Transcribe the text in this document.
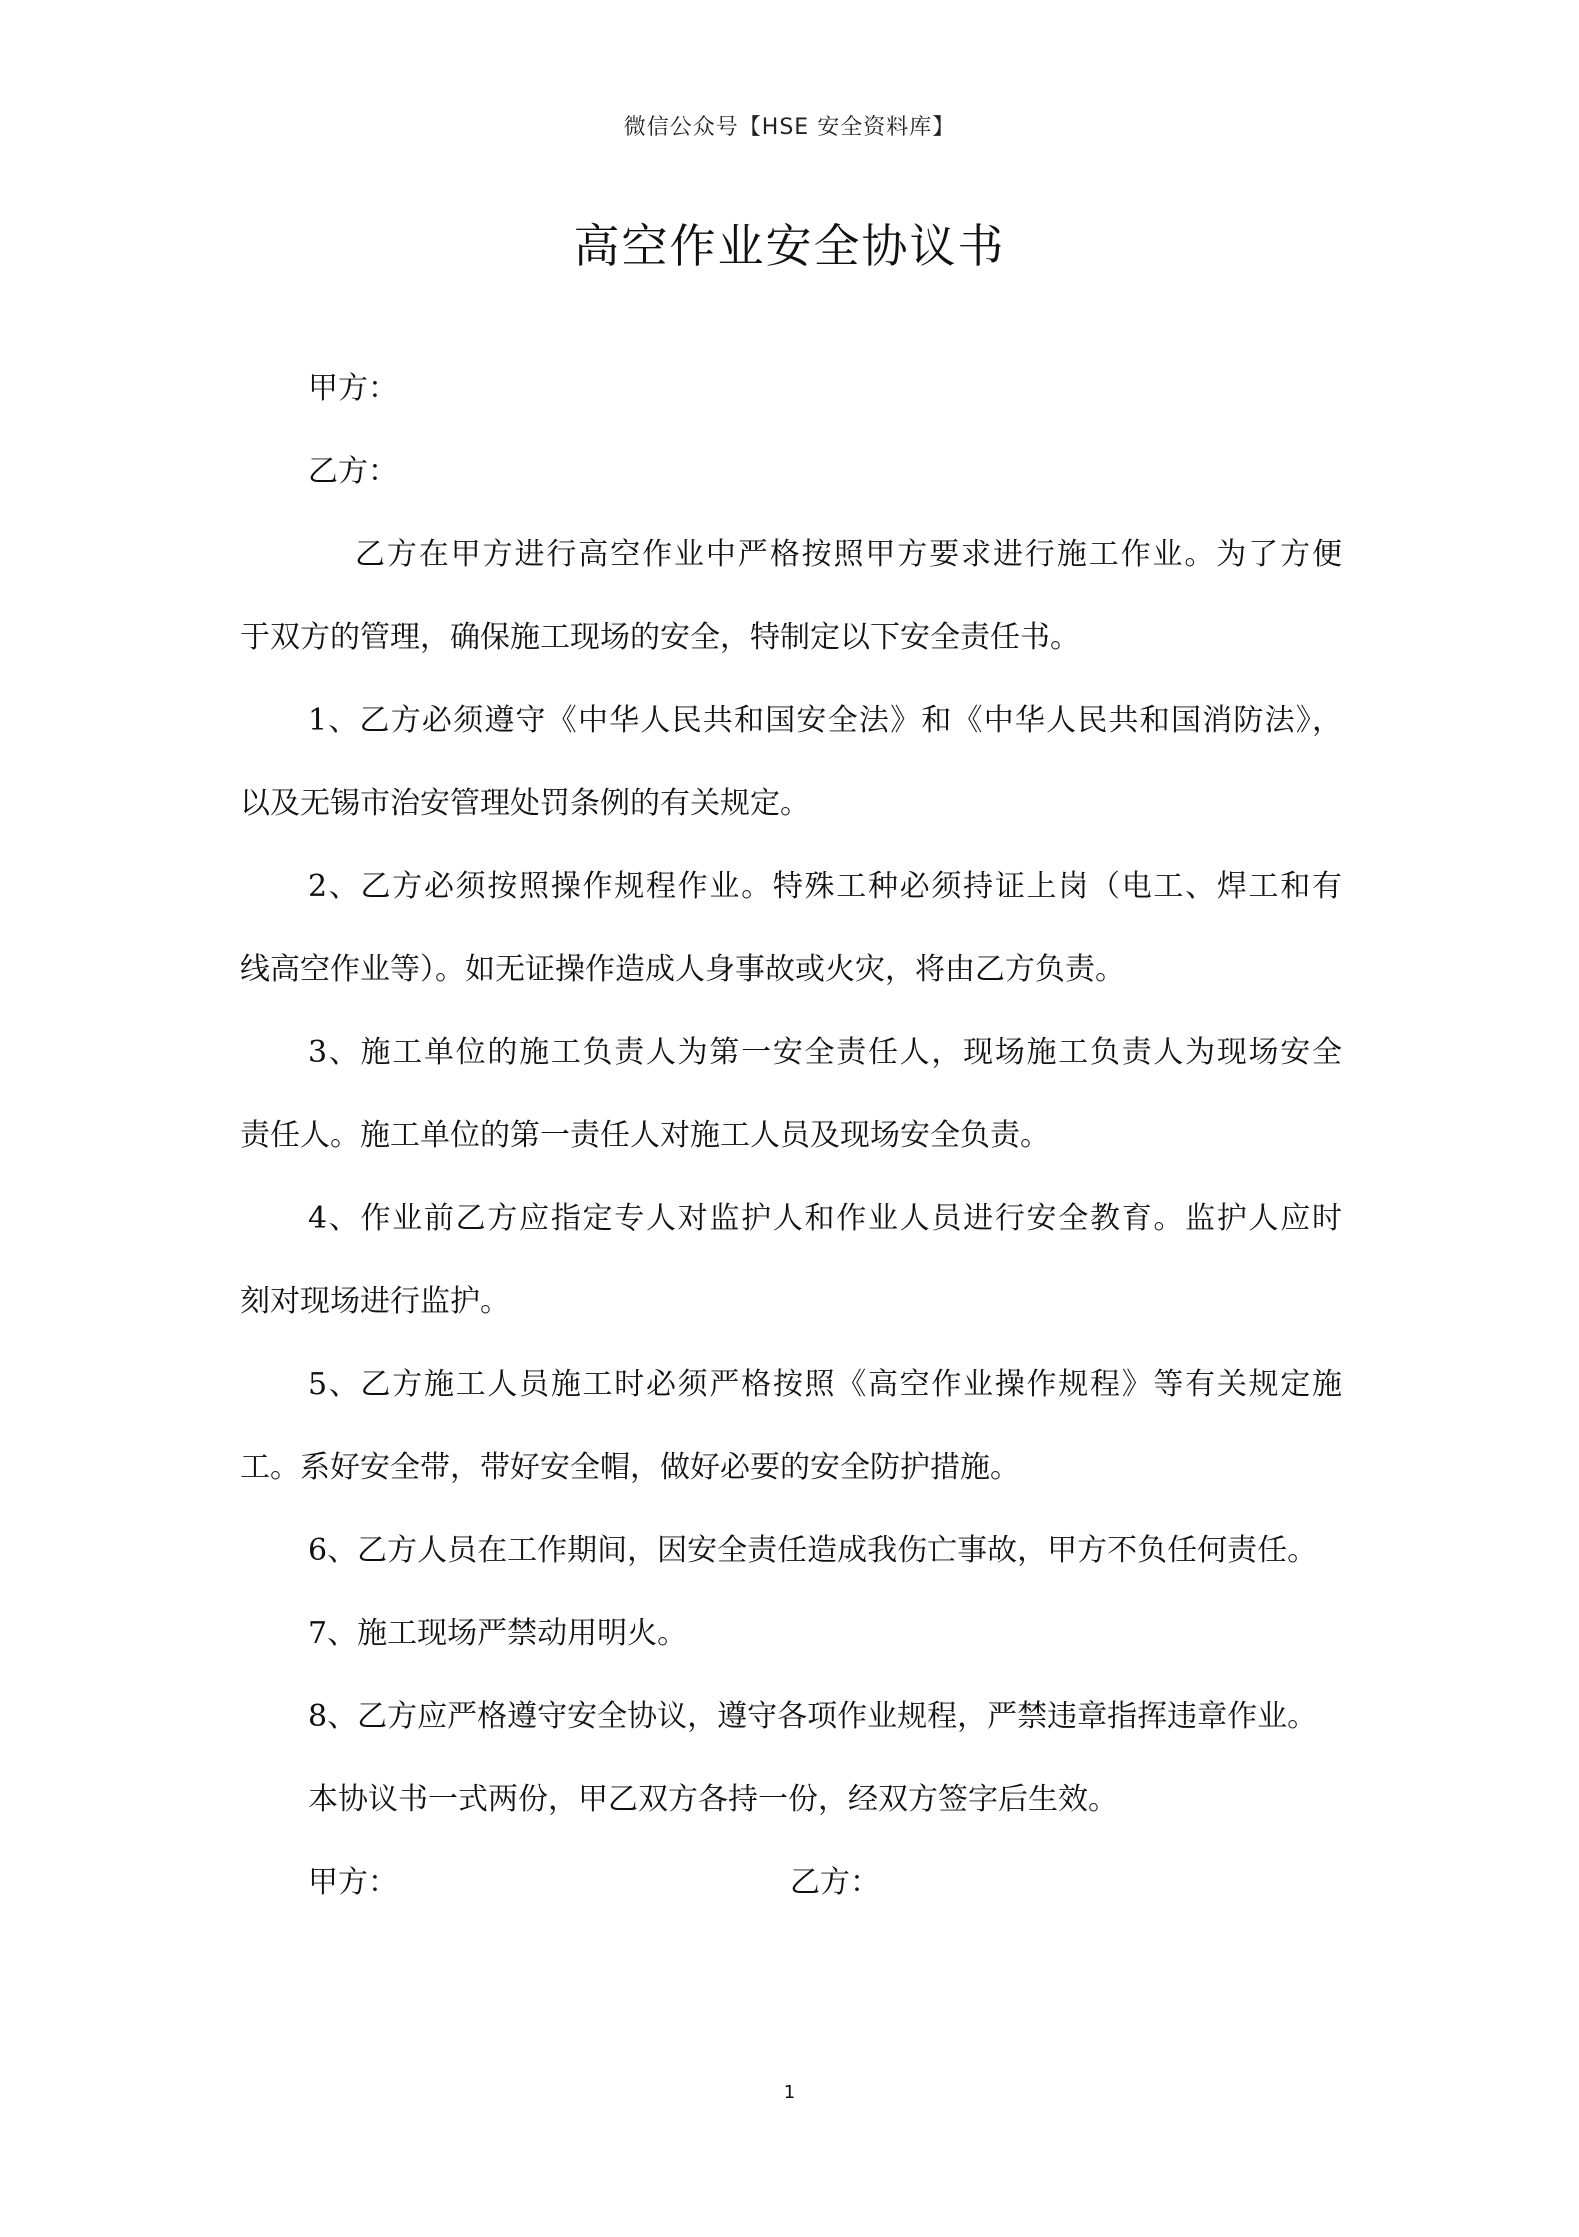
微信公众号【HSE 安全资料库】
高空作业安全协议书
甲方：
乙方：
乙方在甲方进行高空作业中严格按照甲方要求进行施工作业。为了方便
于双方的管理，确保施工现场的安全，特制定以下安全责任书。
1、乙方必须遵守《中华人民共和国安全法》和《中华人民共和国消防法》，
以及无锡市治安管理处罚条例的有关规定。
2、乙方必须按照操作规程作业。特殊工种必须持证上岗（电工、焊工和有
线高空作业等）。如无证操作造成人身事故或火灾，将由乙方负责。
3、施工单位的施工负责人为第一安全责任人，现场施工负责人为现场安全
责任人。施工单位的第一责任人对施工人员及现场安全负责。
4、作业前乙方应指定专人对监护人和作业人员进行安全教育。监护人应时
刻对现场进行监护。
5、乙方施工人员施工时必须严格按照《高空作业操作规程》等有关规定施
工。系好安全带，带好安全帽，做好必要的安全防护措施。
6、乙方人员在工作期间，因安全责任造成我伤亡事故，甲方不负任何责任。
7、施工现场严禁动用明火。
8、乙方应严格遵守安全协议，遵守各项作业规程，严禁违章指挥违章作业。
本协议书一式两份，甲乙双方各持一份，经双方签字后生效。
甲方：	乙方：
1
